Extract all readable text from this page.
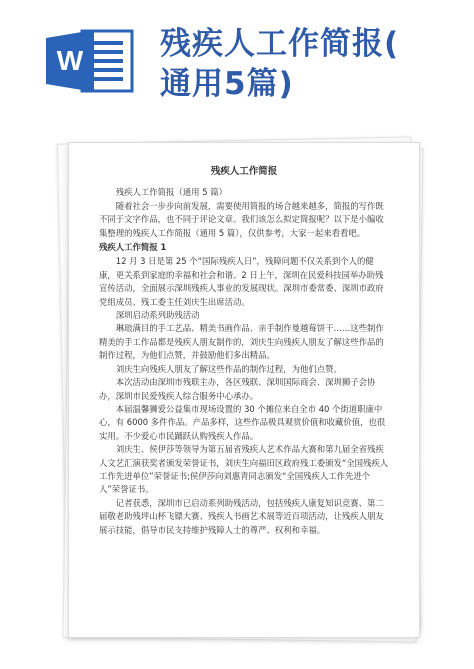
W 残疾人工作简报(
通用5篇)
残疾人工作简报

残疾人工作简报（通用 5 篇）

随着社会一步步向前发展，需要使用简报的场合越来越多，简报的写作既不同于文字作品，也不同于评论文章。我们该怎么拟定简报呢？以下是小编收集整理的残疾人工作简报（通用 5 篇），仅供参考，大家一起来看看吧。

残疾人工作简报 1

12 月 3 日是第 25 个“国际残疾人日”，残障问题不仅关系到个人的健康，更关系到家庭的幸福和社会和谐。2 日上午，深圳在民爱科技园举办助残宣传活动，全面展示深圳残疾人事业的发展现状。深圳市委常委、深圳市政府党组成员、残工委主任刘庆生出席活动。

深圳启动系列助残活动

琳琅满目的手工艺品、精美书画作品、亲手制作曼越莓饼干……这些制作精美的手工作品都是残疾人朋友制作的，刘庆生向残疾人朋友了解这些作品的制作过程，为他们点赞，并鼓励他们多出精品。

刘庆生向残疾人朋友了解这些作品的制作过程，为他们点赞。

本次活动由深圳市残联主办，各区残联、深圳国际商会、深圳狮子会协办，深圳市民爱残疾人综合服务中心承办。

本届温馨狮爱公益集市现场设置的 30 个摊位来自全市 40 个街道职康中心，有 6000 多件作品。产品多样，这些作品极具观赏价值和收藏价值，也很实用。不少爱心市民踊跃认购残疾人作品。

刘庆生、侯伊莎等领导为第五届省残疾人艺术作品大赛和第九届全省残疾人文艺汇演获奖者颁发荣誉证书，刘庆生向福田区政府残工委颁发“全国残疾人工作先进单位”荣誉证书;侯伊莎向刘惠青同志颁发“全国残疾人工作先进个人”荣誉证书。

记者获悉，深圳市已启动系列助残活动，包括残疾人康复知识竞赛、第二届敬老助残坪山杯飞镖大赛、残疾人书画艺术展等近百项活动，让残疾人朋友展示技能，倡导市民支持维护残障人士的尊严、权利和幸福。
